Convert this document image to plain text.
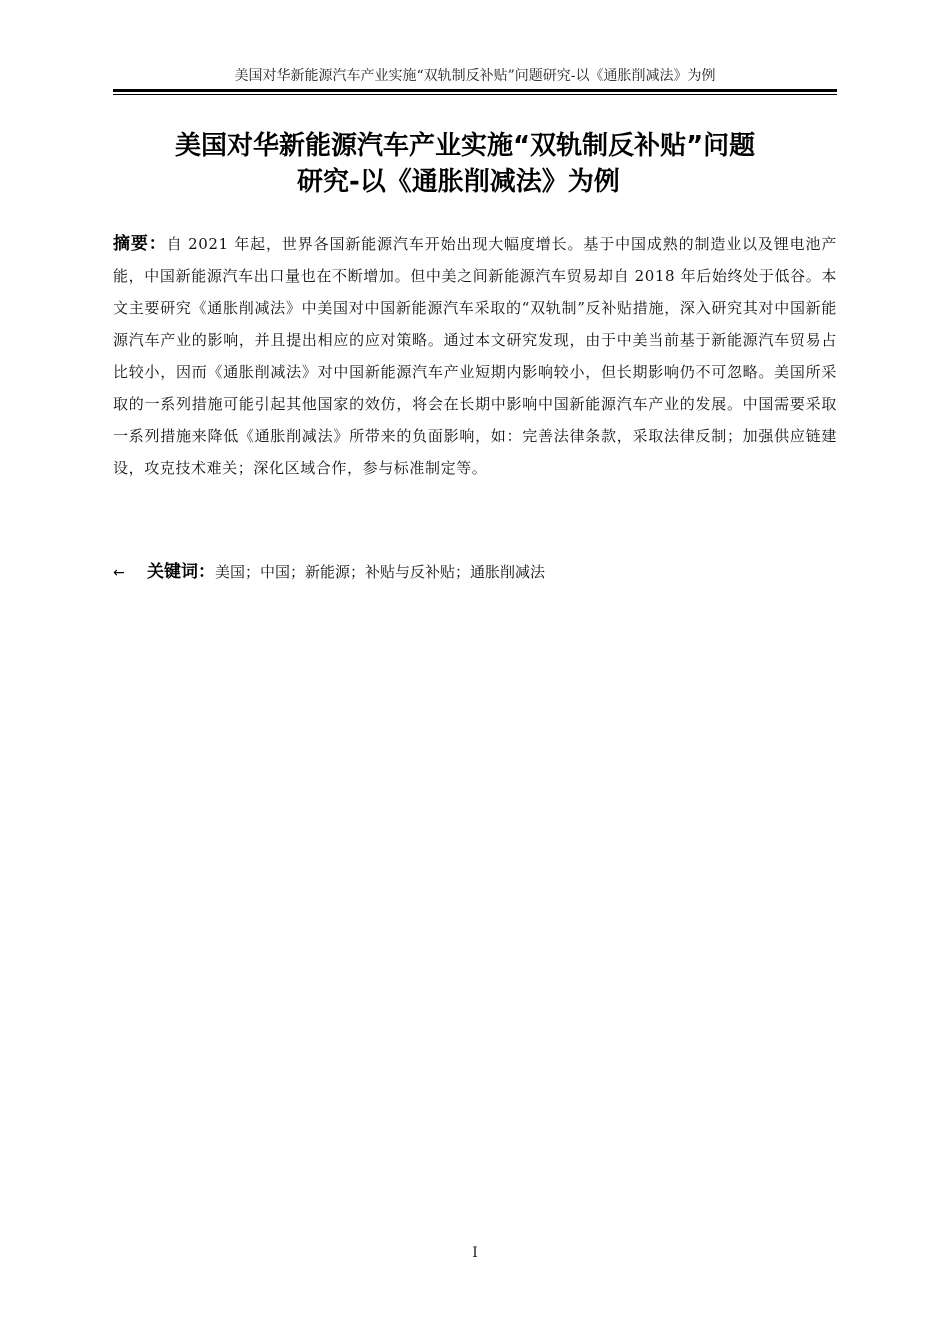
美国对华新能源汽车产业实施“双轨制反补贴”问题研究-以《通胀削减法》为例
美国对华新能源汽车产业实施“双轨制反补贴”问题
研究-以《通胀削减法》为例

摘要：自 2021 年起，世界各国新能源汽车开始出现大幅度增长。基于中国成熟的制造业以及锂电池产能，中国新能源汽车出口量也在不断增加。但中美之间新能源汽车贸易却自 2018 年后始终处于低谷。本文主要研究《通胀削减法》中美国对中国新能源汽车采取的“双轨制”反补贴措施，深入研究其对中国新能源汽车产业的影响，并且提出相应的应对策略。通过本文研究发现，由于中美当前基于新能源汽车贸易占比较小，因而《通胀削减法》对中国新能源汽车产业短期内影响较小，但长期影响仍不可忽略。美国所采取的一系列措施可能引起其他国家的效仿，将会在长期中影响中国新能源汽车产业的发展。中国需要采取一系列措施来降低《通胀削减法》所带来的负面影响，如：完善法律条款，采取法律反制；加强供应链建设，攻克技术难关；深化区域合作，参与标准制定等。

← 关键词：美国；中国；新能源；补贴与反补贴；通胀削减法

I
